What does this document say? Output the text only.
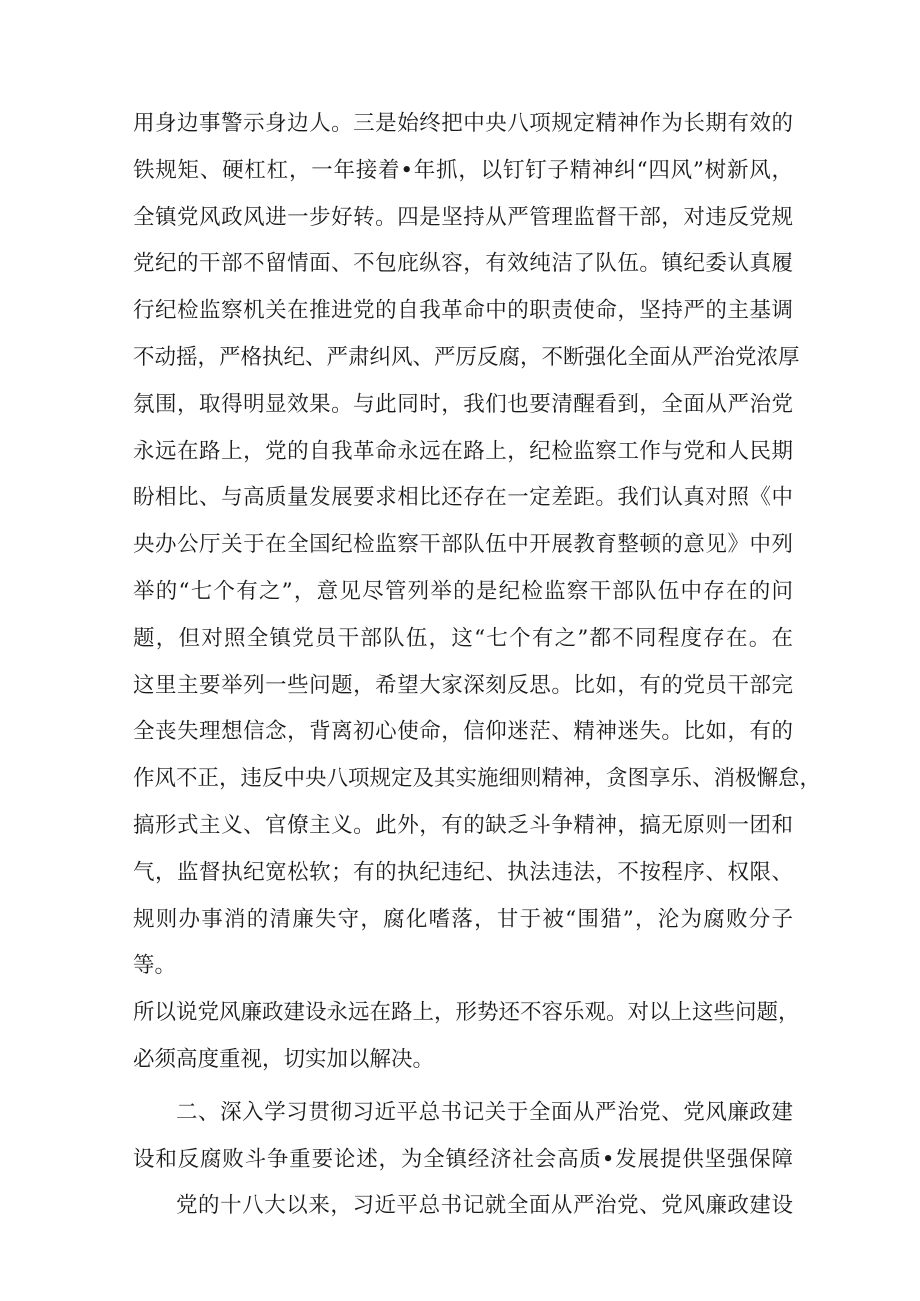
用身边事警示身边人。三是始终把中央八项规定精神作为长期有效的
铁规矩、硬杠杠，一年接着•年抓，以钉钉子精神纠“四风”树新风，
全镇党风政风进一步好转。四是坚持从严管理监督干部，对违反党规
党纪的干部不留情面、不包庇纵容，有效纯洁了队伍。镇纪委认真履
行纪检监察机关在推进党的自我革命中的职责使命，坚持严的主基调
不动摇，严格执纪、严肃纠风、严厉反腐，不断强化全面从严治党浓厚
氛围，取得明显效果。与此同时，我们也要清醒看到，全面从严治党
永远在路上，党的自我革命永远在路上，纪检监察工作与党和人民期
盼相比、与高质量发展要求相比还存在一定差距。我们认真对照《中
央办公厅关于在全国纪检监察干部队伍中开展教育整顿的意见》中列
举的“七个有之”，意见尽管列举的是纪检监察干部队伍中存在的问
题，但对照全镇党员干部队伍，这“七个有之”都不同程度存在。在
这里主要举列一些问题，希望大家深刻反思。比如，有的党员干部完
全丧失理想信念，背离初心使命，信仰迷茫、精神迷失。比如，有的
作风不正，违反中央八项规定及其实施细则精神，贪图享乐、消极懈怠，
搞形式主义、官僚主义。此外，有的缺乏斗争精神，搞无原则一团和
气，监督执纪宽松软；有的执纪违纪、执法违法，不按程序、权限、
规则办事消的清廉失守，腐化嗜落，甘于被“围猎”，沦为腐败分子
等。
所以说党风廉政建设永远在路上，形势还不容乐观。对以上这些问题，
必须高度重视，切实加以解决。
二、深入学习贯彻习近平总书记关于全面从严治党、党风廉政建
设和反腐败斗争重要论述，为全镇经济社会高质•发展提供坚强保障
党的十八大以来，习近平总书记就全面从严治党、党风廉政建设
